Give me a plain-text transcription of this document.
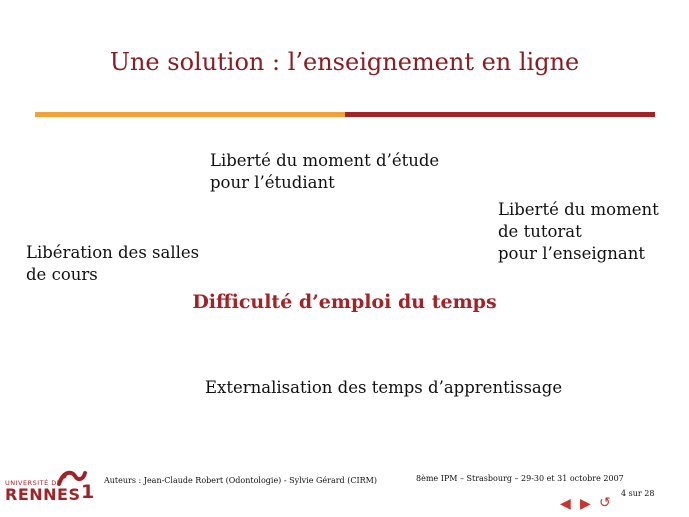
Une solution : l’enseignement en ligne
Liberté du moment d’étude
pour l’étudiant
Liberté du moment
de tutorat
pour l’enseignant
Libération des salles
de cours
Difficulté d’emploi du temps
Externalisation des temps d’apprentissage
UNIVERSITÉ DE
RENNES 1
Auteurs : Jean-Claude Robert (Odontologie) - Sylvie Gérard (CIRM)	8ème IPM – Strasbourg – 29-30 et 31 octobre 2007
4 sur 28
◀ ▶ ↺
